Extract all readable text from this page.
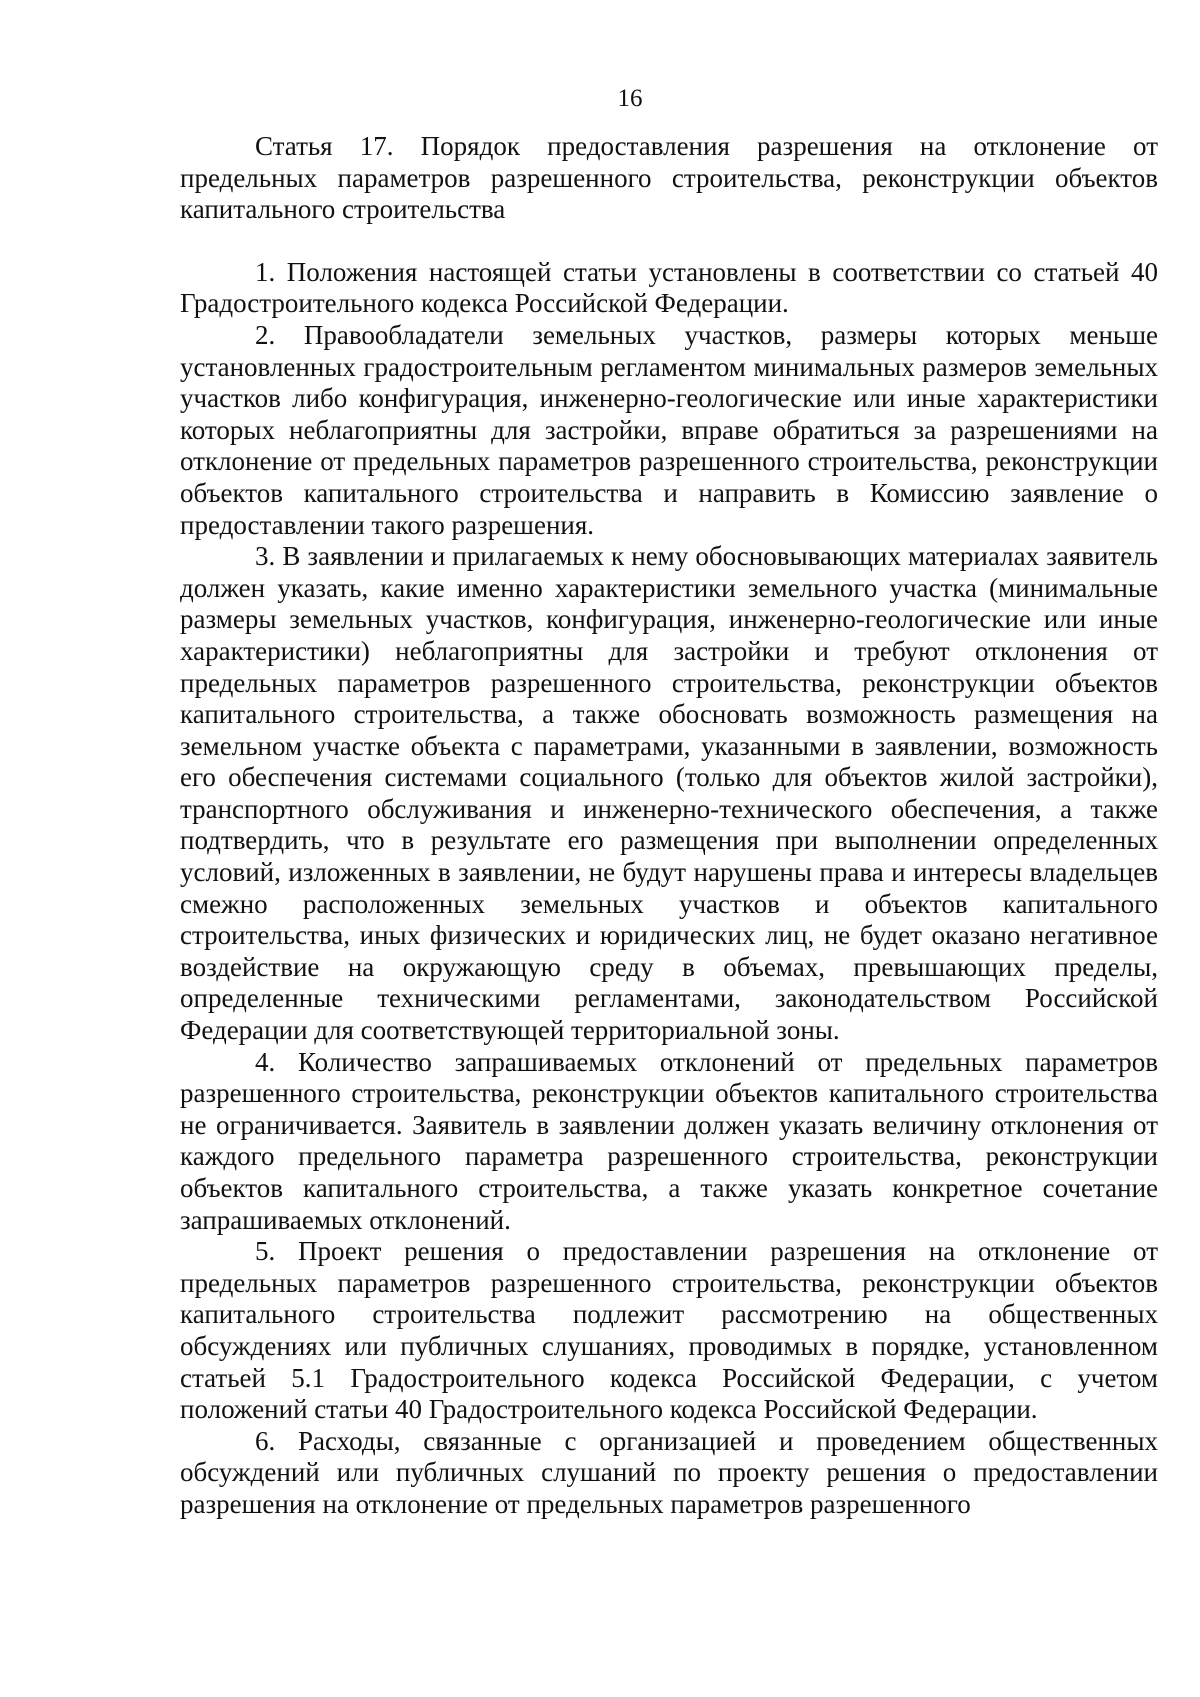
16

Статья 17. Порядок предоставления разрешения на отклонение от предельных параметров разрешенного строительства, реконструкции объектов капитального строительства

1. Положения настоящей статьи установлены в соответствии со статьей 40 Градостроительного кодекса Российской Федерации.

2. Правообладатели земельных участков, размеры которых меньше установленных градостроительным регламентом минимальных размеров земельных участков либо конфигурация, инженерно-геологические или иные характеристики которых неблагоприятны для застройки, вправе обратиться за разрешениями на отклонение от предельных параметров разрешенного строительства, реконструкции объектов капитального строительства и направить в Комиссию заявление о предоставлении такого разрешения.

3. В заявлении и прилагаемых к нему обосновывающих материалах заявитель должен указать, какие именно характеристики земельного участка (минимальные размеры земельных участков, конфигурация, инженерно-геологические или иные характеристики) неблагоприятны для застройки и требуют отклонения от предельных параметров разрешенного строительства, реконструкции объектов капитального строительства, а также обосновать возможность размещения на земельном участке объекта с параметрами, указанными в заявлении, возможность его обеспечения системами социального (только для объектов жилой застройки), транспортного обслуживания и инженерно-технического обеспечения, а также подтвердить, что в результате его размещения при выполнении определенных условий, изложенных в заявлении, не будут нарушены права и интересы владельцев смежно расположенных земельных участков и объектов капитального строительства, иных физических и юридических лиц, не будет оказано негативное воздействие на окружающую среду в объемах, превышающих пределы, определенные техническими регламентами, законодательством Российской Федерации для соответствующей территориальной зоны.

4. Количество запрашиваемых отклонений от предельных параметров разрешенного строительства, реконструкции объектов капитального строительства не ограничивается. Заявитель в заявлении должен указать величину отклонения от каждого предельного параметра разрешенного строительства, реконструкции объектов капитального строительства, а также указать конкретное сочетание запрашиваемых отклонений.

5. Проект решения о предоставлении разрешения на отклонение от предельных параметров разрешенного строительства, реконструкции объектов капитального строительства подлежит рассмотрению на общественных обсуждениях или публичных слушаниях, проводимых в порядке, установленном статьей 5.1 Градостроительного кодекса Российской Федерации, с учетом положений статьи 40 Градостроительного кодекса Российской Федерации.

6. Расходы, связанные с организацией и проведением общественных обсуждений или публичных слушаний по проекту решения о предоставлении разрешения на отклонение от предельных параметров разрешенного
